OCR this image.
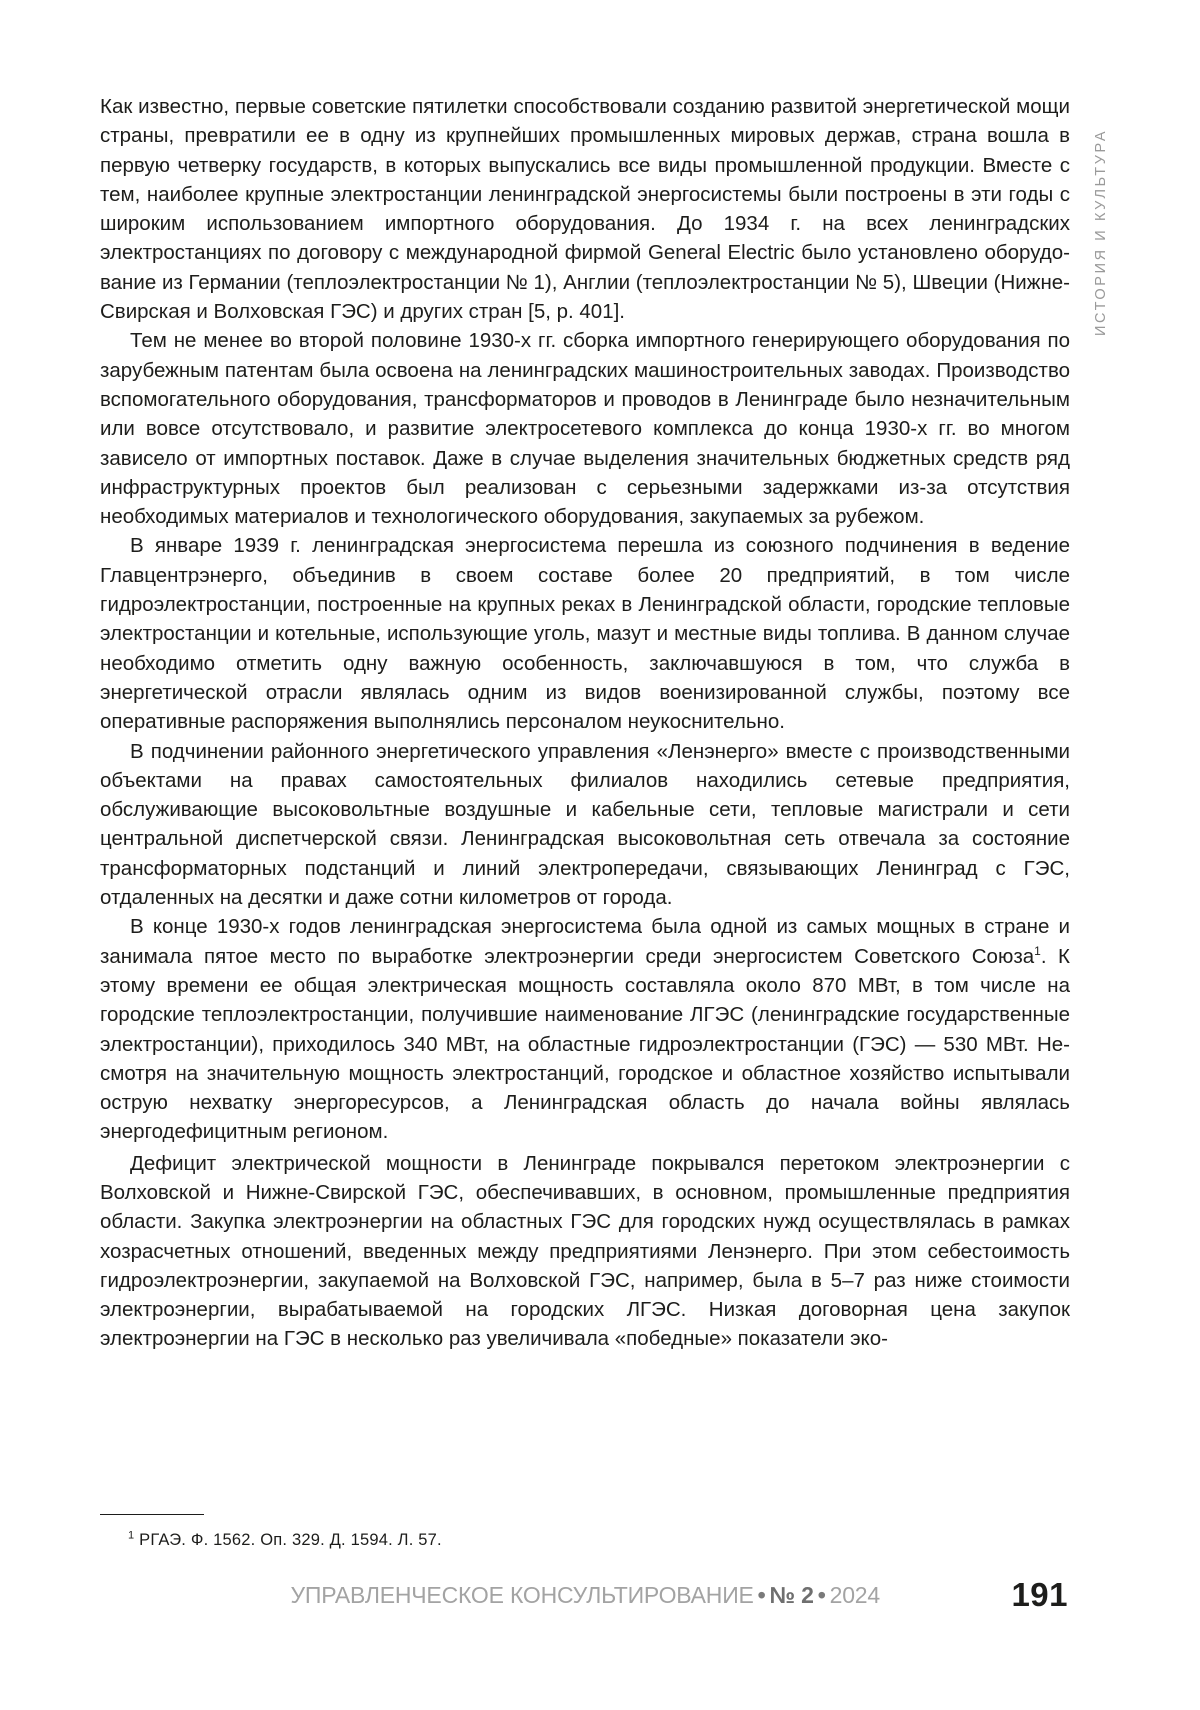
ИСТОРИЯ И КУЛЬТУРА

Как известно, первые советские пятилетки способствовали созданию развитой энер­гетической мощи страны, превратили ее в одну из крупнейших промышленных миро­вых держав, страна вошла в первую четверку государств, в которых выпускались все виды промышленной продукции. Вместе с тем, наиболее крупные электростанции ленинградской энергосистемы были построены в эти годы с широким использова­нием импортного оборудования. До 1934 г. на всех ленинградских электростанциях по договору с международной фирмой General Electric было установлено оборудо­вание из Германии (теплоэлектростанции № 1), Англии (теплоэлектростанции № 5), Швеции (Нижне-Свирская и Волховская ГЭС) и других стран [5, p. 401].

Тем не менее во второй половине 1930-х гг. сборка импортного генерирующего оборудования по зарубежным патентам была освоена на ленинградских машино­строительных заводах. Производство вспомогательного оборудования, трансфор­маторов и проводов в Ленинграде было незначительным или вовсе отсутствовало, и развитие электросетевого комплекса до конца 1930-х гг. во многом зависело от импортных поставок. Даже в случае выделения значительных бюджетных средств ряд инфраструктурных проектов был реализован с серьезными задержками из-за отсутствия необходимых материалов и технологического оборудования, закупаемых за рубежом.

В январе 1939 г. ленинградская энергосистема перешла из союзного подчинения в ведение Главцентрэнерго, объединив в своем составе более 20 предприятий, в том числе гидроэлектростанции, построенные на крупных реках в Ленинградской области, городские тепловые электростанции и котельные, использующие уголь, мазут и местные виды топлива. В данном случае необходимо отметить одну важную особенность, заключавшуюся в том, что служба в энергетической отрасли являлась одним из видов военизированной службы, поэтому все оперативные распоряжения выполнялись персоналом неукоснительно.

В подчинении районного энергетического управления «Ленэнерго» вместе с про­изводственными объектами на правах самостоятельных филиалов находились се­тевые предприятия, обслуживающие высоковольтные воздушные и кабельные сети, тепловые магистрали и сети центральной диспетчерской связи. Ленинградская высоковольтная сеть отвечала за состояние трансформаторных подстанций и линий электропередачи, связывающих Ленинград с ГЭС, отдаленных на десятки и даже сотни километров от города.

В конце 1930-х годов ленинградская энергосистема была одной из самых мощ­ных в стране и занимала пятое место по выработке электроэнергии среди энер­госистем Советского Союза1. К этому времени ее общая электрическая мощность составляла около 870 МВт, в том числе на городские теплоэлектростанции, полу­чившие наименование ЛГЭС (ленинградские государственные электростанции), приходилось 340 МВт, на областные гидроэлектростанции (ГЭС) — 530 МВт. Не­смотря на значительную мощность электростанций, городское и областное хозяй­ство испытывали острую нехватку энергоресурсов, а Ленинградская область до начала войны являлась энергодефицитным регионом.

Дефицит электрической мощности в Ленинграде покрывался перетоком электро­энергии с Волховской и Нижне-Свирской ГЭС, обеспечивавших, в основном, про­мышленные предприятия области. Закупка электроэнергии на областных ГЭС для городских нужд осуществлялась в рамках хозрасчетных отношений, введенных между предприятиями Ленэнерго. При этом себестоимость гидроэлектроэнергии, закупаемой на Волховской ГЭС, например, была в 5–7 раз ниже стоимости электро­энергии, вырабатываемой на городских ЛГЭС. Низкая договорная цена закупок электроэнергии на ГЭС в несколько раз увеличивала «победные» показатели эко-

1 РГАЭ. Ф. 1562. Оп. 329. Д. 1594. Л. 57.
УПРАВЛЕНЧЕСКОЕ КОНСУЛЬТИРОВАНИЕ • № 2 • 2024	191
